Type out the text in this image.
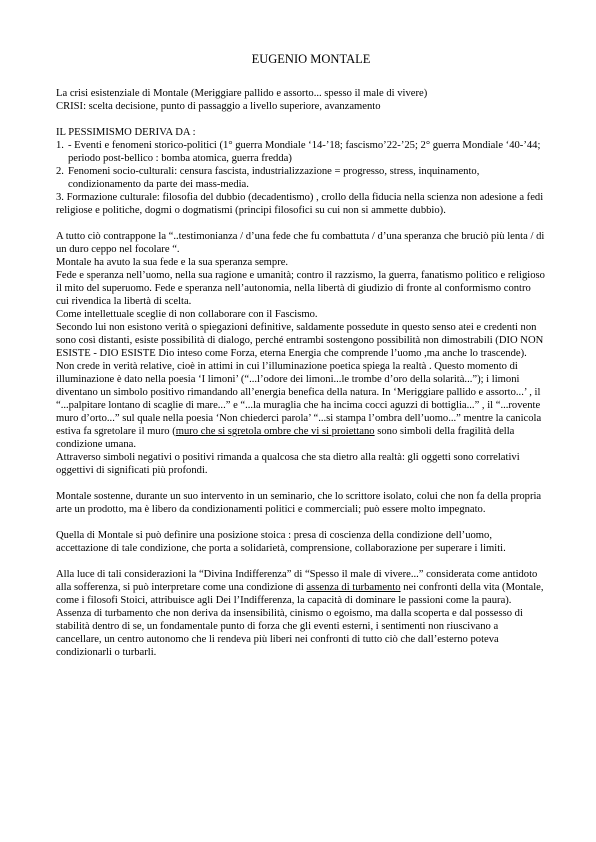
EUGENIO MONTALE

La crisi esistenziale di Montale (Meriggiare pallido e assorto... spesso il male di vivere)

CRISI: scelta decisione, punto di passaggio a livello superiore, avanzamento

IL PESSIMISMO DERIVA DA :

1. - Eventi e fenomeni storico-politici (1° guerra Mondiale ‘14-’18; fascismo’22-’25; 2° guerra Mondiale ‘40-’44; periodo post-bellico : bomba atomica, guerra fredda)
2. Fenomeni socio-culturali: censura fascista, industrializzazione = progresso, stress, inquinamento, condizionamento da parte dei mass-media.

3. Formazione culturale: filosofia del dubbio (decadentismo) , crollo della fiducia nella scienza non adesione a fedi religiose e politiche, dogmi o dogmatismi (principi filosofici su cui non si ammette dubbio).

A tutto ciò contrappone la “..testimonianza / d’una fede che fu combattuta / d’una speranza che bruciò più lenta / di un duro ceppo nel focolare “.

Montale ha avuto la sua fede e la sua speranza sempre.

Fede e speranza nell’uomo, nella sua ragione e umanità; contro il razzismo, la guerra, fanatismo politico e religioso il mito del superuomo. Fede e speranza nell’autonomia, nella libertà di giudizio di fronte al conformismo contro cui rivendica la libertà di scelta.

Come intellettuale sceglie di non collaborare con il Fascismo.

Secondo lui non esistono verità o spiegazioni definitive, saldamente possedute in questo senso atei e credenti non sono così distanti, esiste possibilità di dialogo, perché entrambi sostengono possibilità non dimostrabili (DIO NON ESISTE - DIO ESISTE Dio inteso come Forza, eterna Energia che comprende l’uomo ,ma anche lo trascende). Non crede in verità relative, cioè in attimi in cui l’illuminazione poetica spiega la realtà . Questo momento di illuminazione è dato nella poesia ‘I limoni’ (“...l’odore dei limoni...le trombe d’oro della solarità...”); i limoni diventano un simbolo positivo rimandando all’energia benefica della natura. In ‘Meriggiare pallido e assorto...’ , il “...palpitare lontano di scaglie di mare...” e “...la muraglia che ha incima cocci aguzzi di bottiglia...” , il “...rovente muro d’orto...” sul quale nella poesia ‘Non chiederci parola’ “...si stampa l’ombra dell’uomo...” mentre la canicola estiva fa sgretolare il muro (muro che si sgretola ombre che vi si proiettano sono simboli della fragilità della condizione umana.

Attraverso simboli negativi o positivi rimanda a qualcosa che sta dietro alla realtà: gli oggetti sono correlativi oggettivi di significati più profondi.

Montale sostenne, durante un suo intervento in un seminario, che lo scrittore isolato, colui che non fa della propria arte un prodotto, ma è libero da condizionamenti politici e commerciali; può essere molto impegnato.

Quella di Montale si può definire una posizione stoica : presa di coscienza della condizione dell’uomo, accettazione di tale condizione, che porta a solidarietà, comprensione, collaborazione per superare i limiti.

Alla luce di tali considerazioni la “Divina Indifferenza” di “Spesso il male di vivere...” considerata come antidoto alla sofferenza, si può interpretare come una condizione di assenza di turbamento nei confronti della vita (Montale, come i filosofi Stoici, attribuisce agli Dei l’Indifferenza, la capacità di dominare le passioni come la paura).

Assenza di turbamento che non deriva da insensibilità, cinismo o egoismo, ma dalla scoperta e dal possesso di stabilità dentro di se, un fondamentale punto di forza che gli eventi esterni, i sentimenti non riuscivano a cancellare, un centro autonomo che li rendeva più liberi nei confronti di tutto ciò che dall’esterno poteva condizionarli o turbarli.
